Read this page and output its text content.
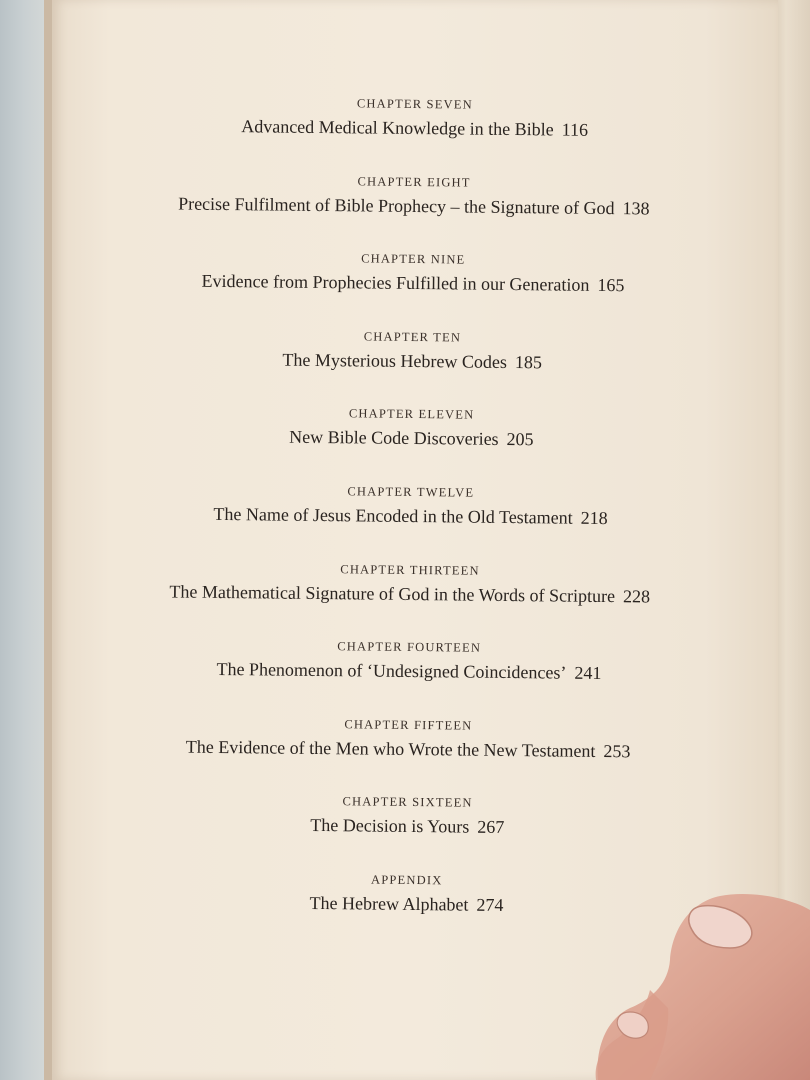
CHAPTER SEVEN
Advanced Medical Knowledge in the Bible 116
CHAPTER EIGHT
Precise Fulfilment of Bible Prophecy – the Signature of God 138
CHAPTER NINE
Evidence from Prophecies Fulfilled in our Generation 165
CHAPTER TEN
The Mysterious Hebrew Codes 185
CHAPTER ELEVEN
New Bible Code Discoveries 205
CHAPTER TWELVE
The Name of Jesus Encoded in the Old Testament 218
CHAPTER THIRTEEN
The Mathematical Signature of God in the Words of Scripture 228
CHAPTER FOURTEEN
The Phenomenon of ‘Undesigned Coincidences’ 241
CHAPTER FIFTEEN
The Evidence of the Men who Wrote the New Testament 253
CHAPTER SIXTEEN
The Decision is Yours 267
APPENDIX
The Hebrew Alphabet 274
